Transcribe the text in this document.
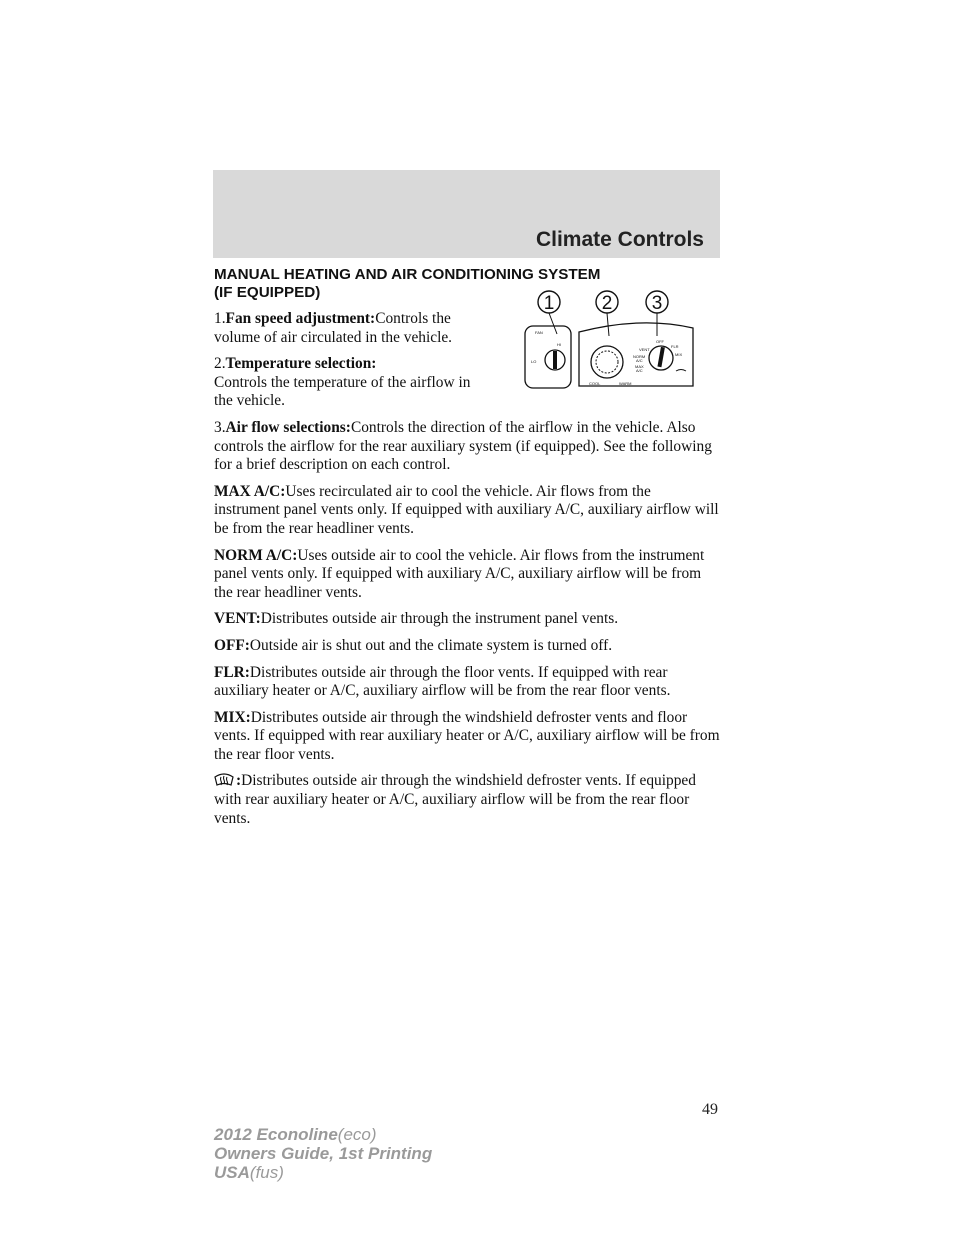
Climate Controls
1 2 3
FAN
HI
LO
COOL	WARM
VENT
OFF
FLR
MIX
NORM
A/C
MAX
A/C
MANUAL HEATING AND AIR CONDITIONING SYSTEM
(IF EQUIPPED)

1.Fan speed adjustment:Controls the volume of air circulated in the vehicle.

2.Temperature selection:
Controls the temperature of the airflow in the vehicle.

3.Air flow selections:Controls the direction of the airflow in the vehicle. Also controls the airflow for the rear auxiliary system (if equipped). See the following for a brief description on each control.

MAX A/C:Uses recirculated air to cool the vehicle. Air flows from the instrument panel vents only. If equipped with auxiliary A/C, auxiliary airflow will be from the rear headliner vents.

NORM A/C:Uses outside air to cool the vehicle. Air flows from the instrument panel vents only. If equipped with auxiliary A/C, auxiliary airflow will be from the rear headliner vents.

VENT:Distributes outside air through the instrument panel vents.

OFF:Outside air is shut out and the climate system is turned off.

FLR:Distributes outside air through the floor vents. If equipped with rear auxiliary heater or A/C, auxiliary airflow will be from the rear floor vents.

MIX:Distributes outside air through the windshield defroster vents and floor vents. If equipped with rear auxiliary heater or A/C, auxiliary airflow will be from the rear floor vents.

:Distributes outside air through the windshield defroster vents. If equipped with rear auxiliary heater or A/C, auxiliary airflow will be from the rear floor vents.

49
2012 Econoline(eco)
Owners Guide, 1st Printing
USA(fus)
